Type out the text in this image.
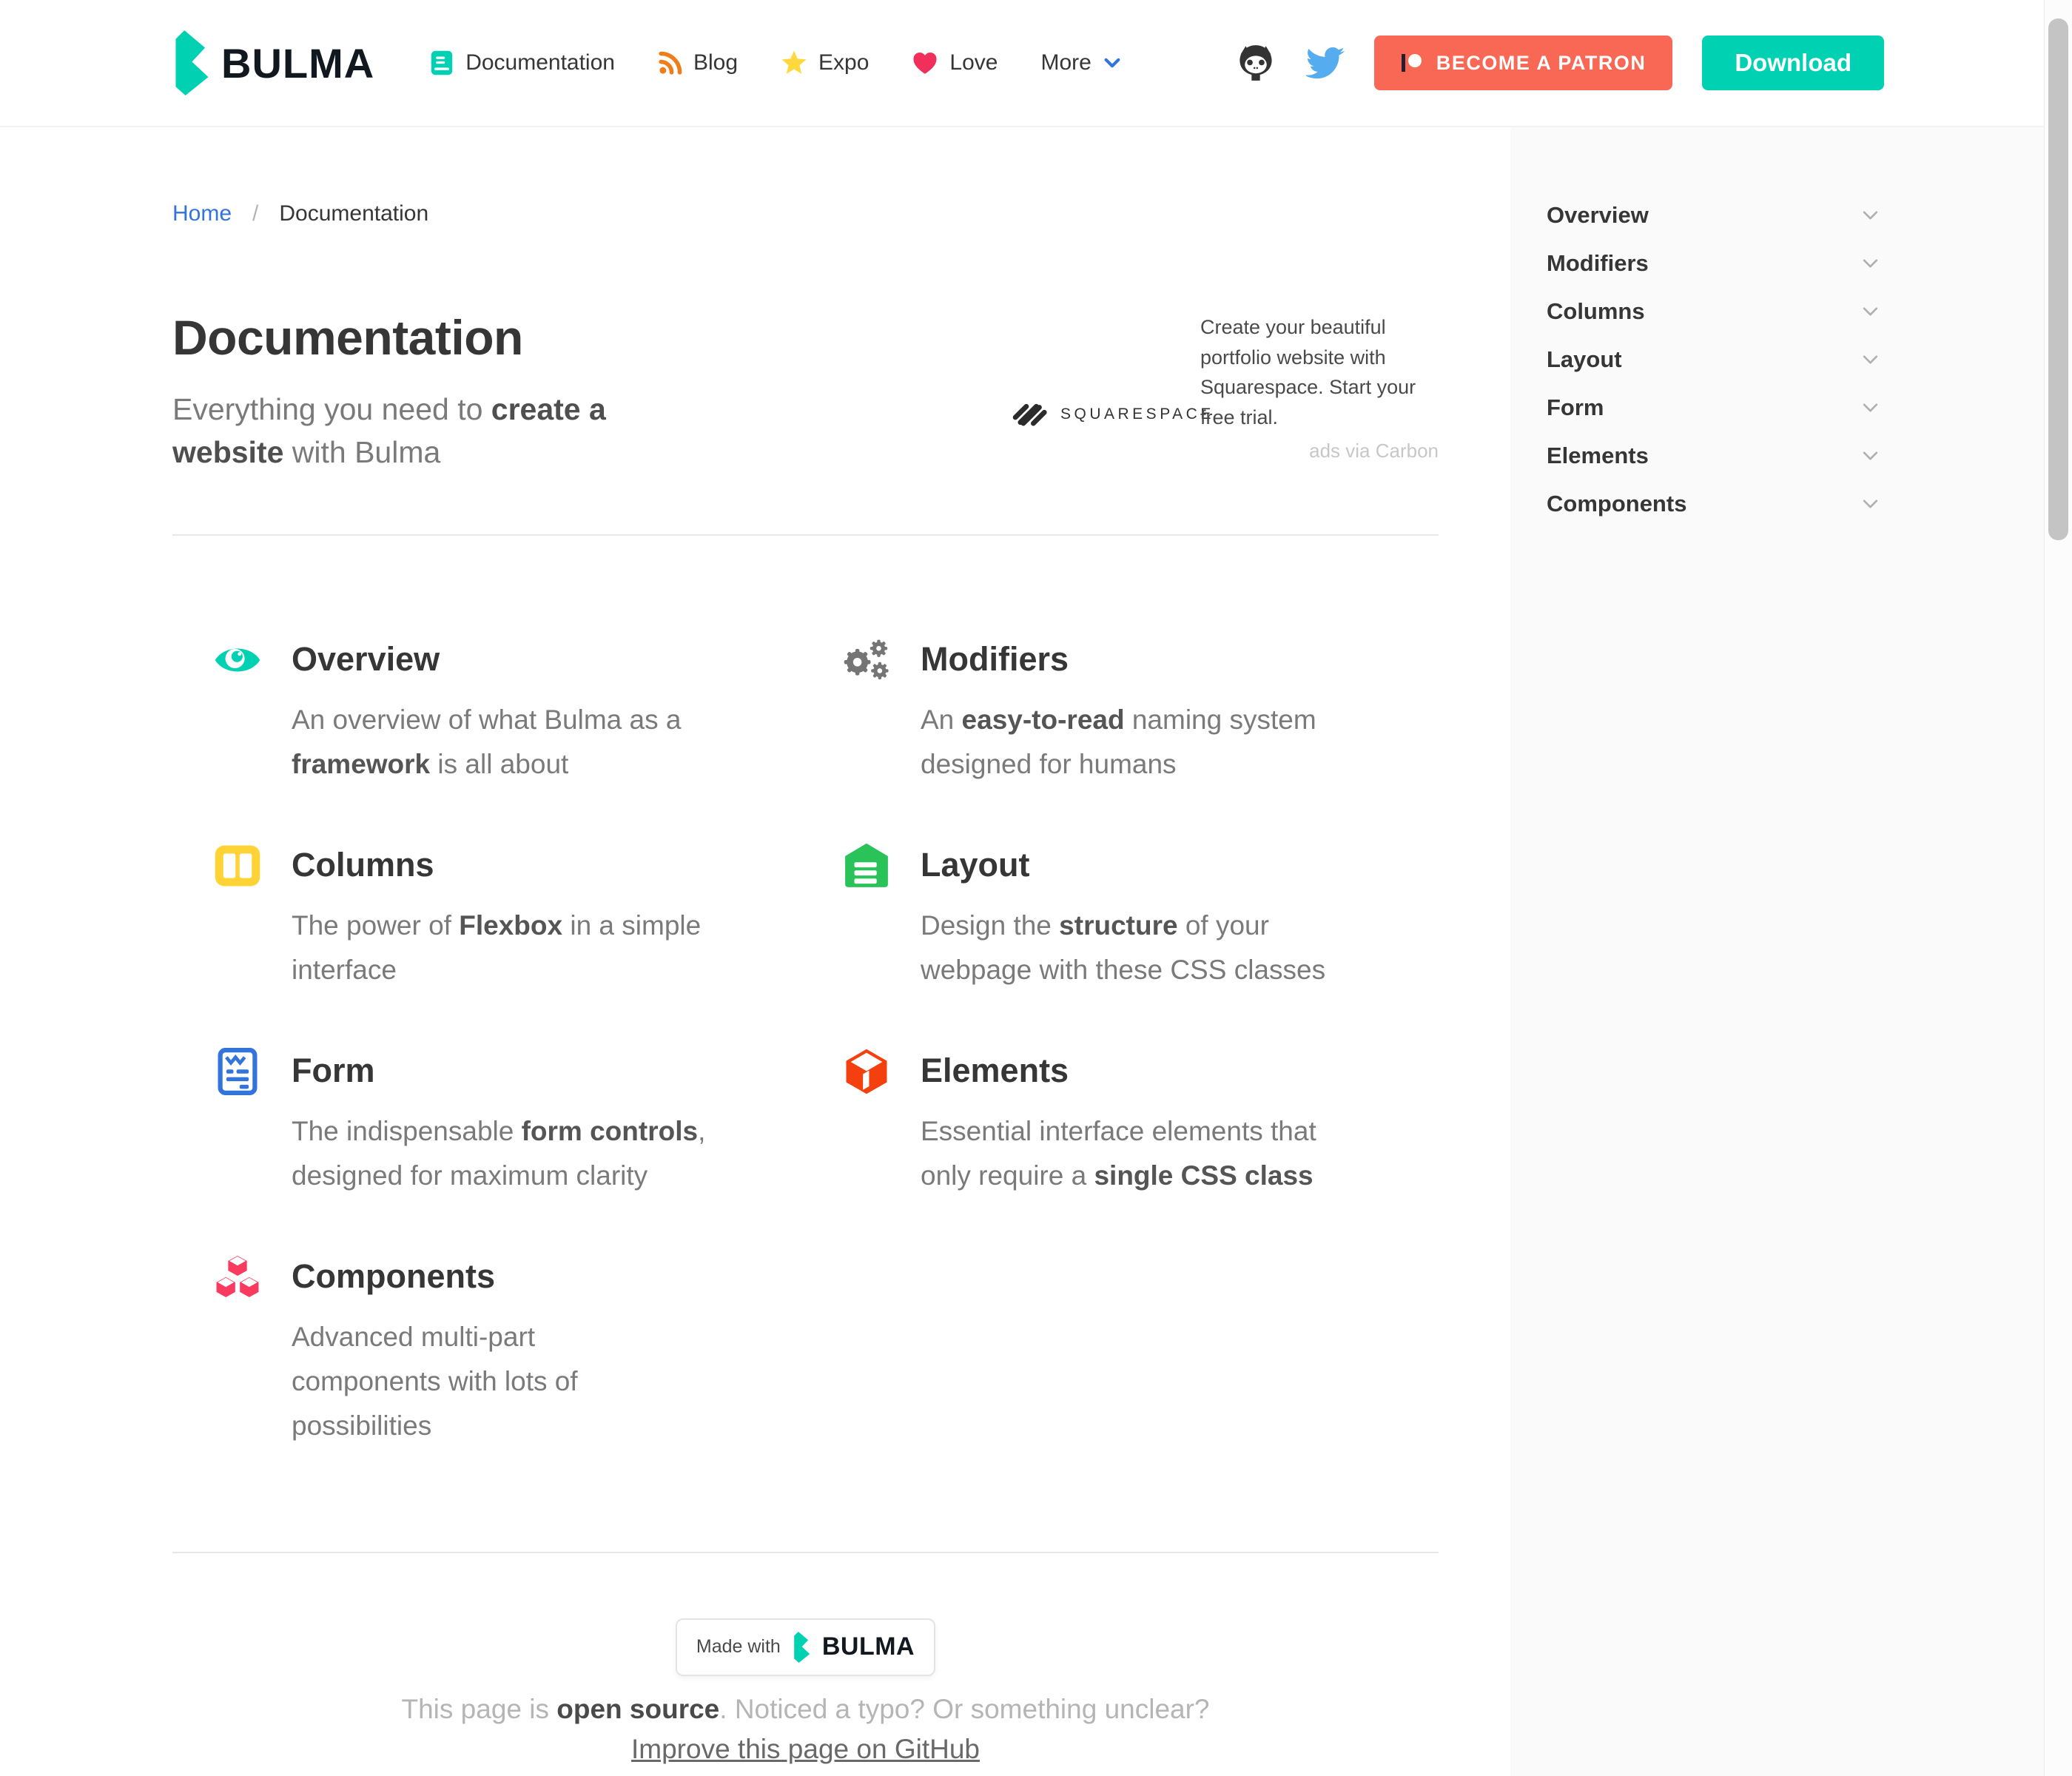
BULMA	Documentation	Blog	Expo	Love More	BECOME A PATRON	Download
Overview
Modifiers
Columns
Layout
Form
Elements
Components
Home / Documentation
Documentation

Everything you need to create a website with Bulma

SQUARESPACE

Create your beautiful portfolio website with Squarespace. Start your free trial.

ads via Carbon
Overview

An overview of what Bulma as a framework is all about

Modifiers

An easy-to-read naming system designed for humans

Columns

The power of Flexbox in a simple interface

Layout

Design the structure of your webpage with these CSS classes

Form

The indispensable form controls, designed for maximum clarity

Elements

Essential interface elements that only require a single CSS class

Components

Advanced multi-part components with lots of possibilities

Made with BULMA
This page is open source. Noticed a typo? Or something unclear?
Improve this page on GitHub
